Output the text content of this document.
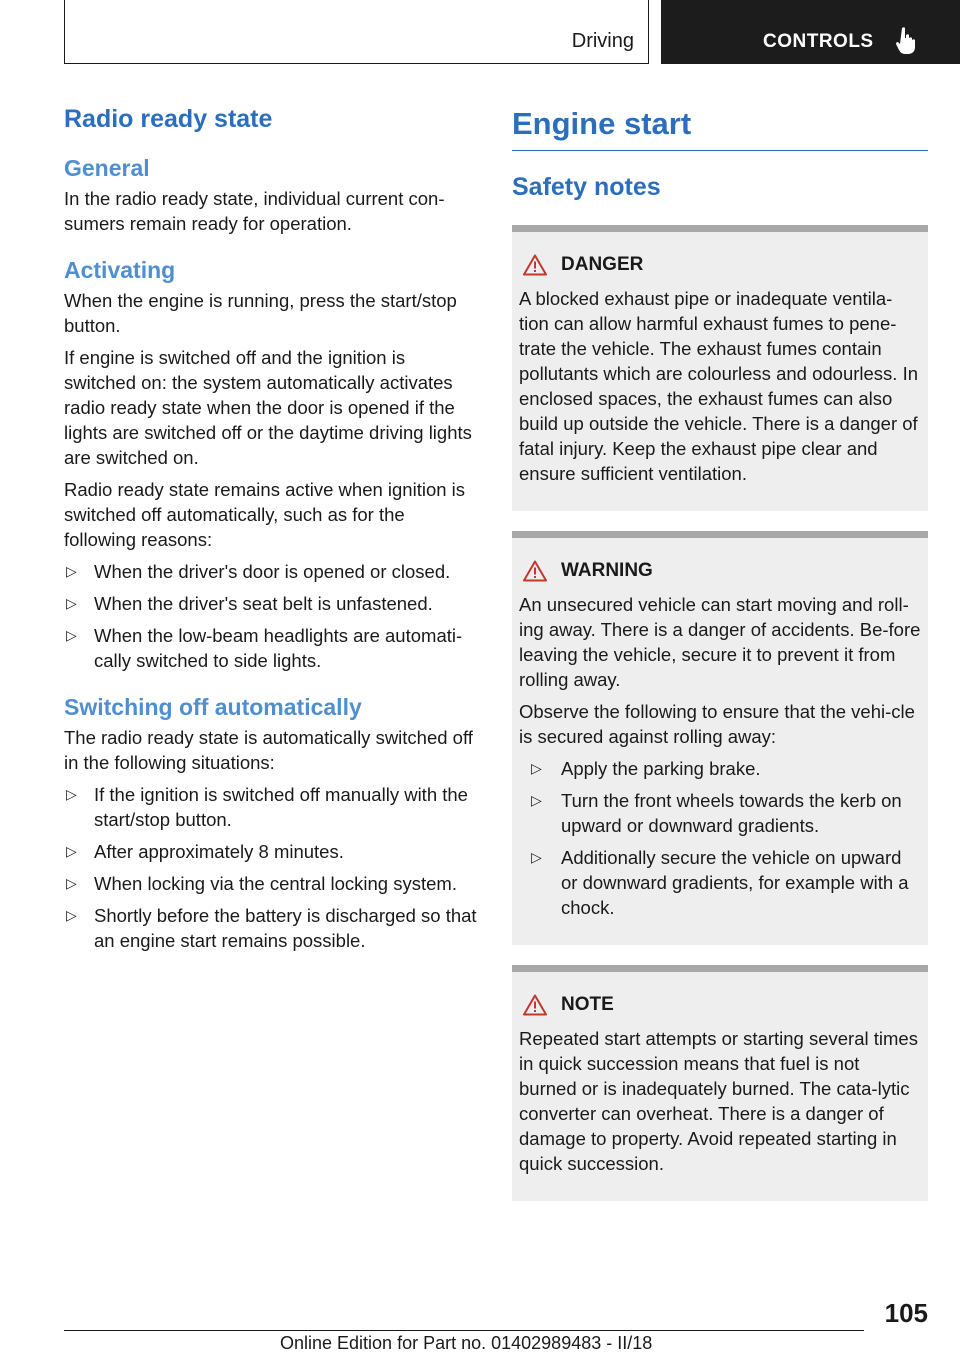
Driving	CONTROLS
Radio ready state
General

In the radio ready state, individual current con-sumers remain ready for operation.

Activating

When the engine is running, press the start/stop button.

If engine is switched off and the ignition is switched on: the system automatically activates radio ready state when the door is opened if the lights are switched off or the daytime driving lights are switched on.

Radio ready state remains active when ignition is switched off automatically, such as for the following reasons:

▷ When the driver's door is opened or closed.
▷ When the driver's seat belt is unfastened.
▷ When the low-beam headlights are automati-cally switched to side lights.
Switching off automatically

The radio ready state is automatically switched off in the following situations:

▷ If the ignition is switched off manually with the start/stop button.
▷ After approximately 8 minutes.
▷ When locking via the central locking system.
▷ Shortly before the battery is discharged so that an engine start remains possible.
Engine start
Safety notes
DANGER

A blocked exhaust pipe or inadequate ventila-tion can allow harmful exhaust fumes to pene-trate the vehicle. The exhaust fumes contain pollutants which are colourless and odourless. In enclosed spaces, the exhaust fumes can also build up outside the vehicle. There is a danger of fatal injury. Keep the exhaust pipe clear and ensure sufficient ventilation.

WARNING

An unsecured vehicle can start moving and roll-ing away. There is a danger of accidents. Be-fore leaving the vehicle, secure it to prevent it from rolling away.

Observe the following to ensure that the vehi-cle is secured against rolling away:

▷ Apply the parking brake.
▷ Turn the front wheels towards the kerb on upward or downward gradients.
▷ Additionally secure the vehicle on upward or downward gradients, for example with a chock.
NOTE

Repeated start attempts or starting several times in quick succession means that fuel is not burned or is inadequately burned. The cata-lytic converter can overheat. There is a danger of damage to property. Avoid repeated starting in quick succession.

105
Online Edition for Part no. 01402989483 - II/18
